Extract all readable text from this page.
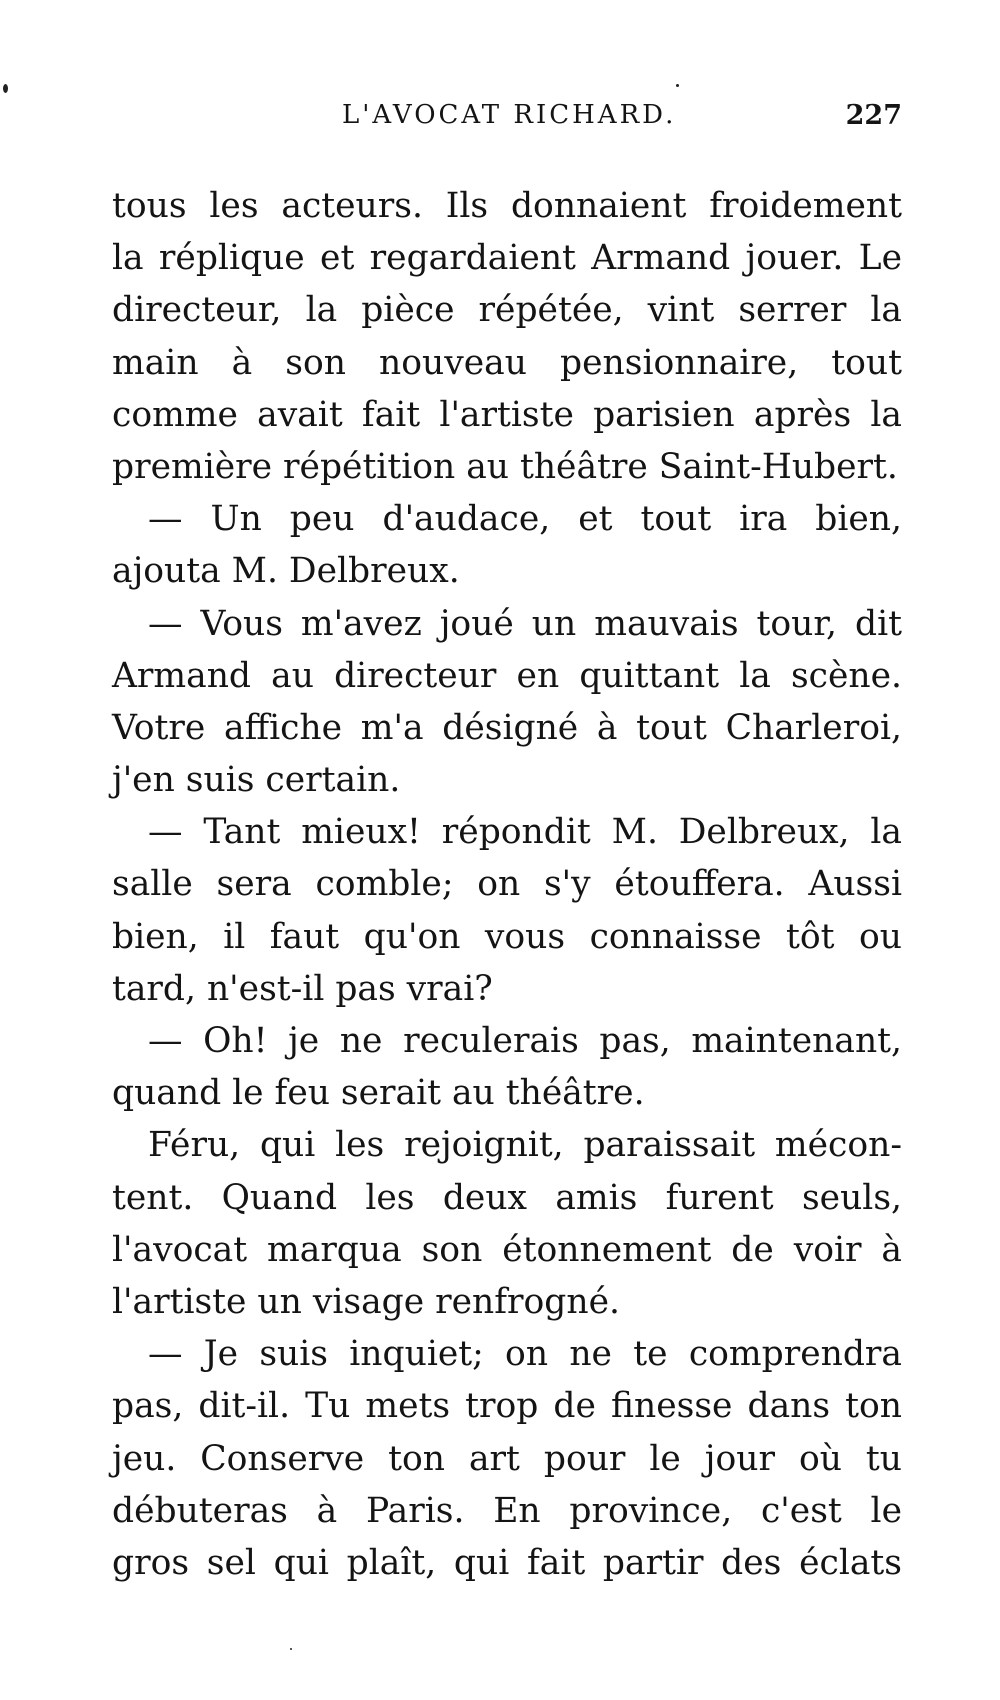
L'AVOCAT RICHARD.	227
tous les acteurs. Ils donnaient froidement
la réplique et regardaient Armand jouer. Le
directeur, la pièce répétée, vint serrer la
main à son nouveau pensionnaire, tout
comme avait fait l'artiste parisien après la
première répétition au théâtre Saint-Hubert.
— Un peu d'audace, et tout ira bien,
ajouta M. Delbreux.
— Vous m'avez joué un mauvais tour, dit
Armand au directeur en quittant la scène.
Votre affiche m'a désigné à tout Charleroi,
j'en suis certain.
— Tant mieux! répondit M. Delbreux, la
salle sera comble; on s'y étouffera. Aussi
bien, il faut qu'on vous connaisse tôt ou
tard, n'est-il pas vrai?
— Oh! je ne reculerais pas, maintenant,
quand le feu serait au théâtre.
Féru, qui les rejoignit, paraissait mécon-
tent. Quand les deux amis furent seuls,
l'avocat marqua son étonnement de voir à
l'artiste un visage renfrogné.
— Je suis inquiet; on ne te comprendra
pas, dit-il. Tu mets trop de finesse dans ton
jeu. Conserve ton art pour le jour où tu
débuteras à Paris. En province, c'est le
gros sel qui plaît, qui fait partir des éclats
